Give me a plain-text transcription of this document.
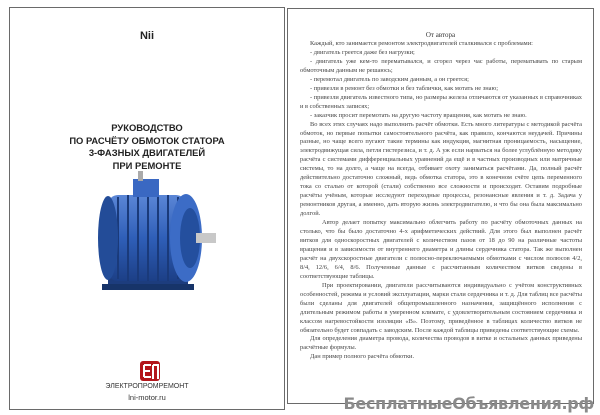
Nii
РУКОВОДСТВО
ПО РАСЧЁТУ ОБМОТОК СТАТОРА
3-ФАЗНЫХ ДВИГАТЕЛЕЙ
ПРИ РЕМОНТЕ
ЭЛЕКТРОПРОМРЕМОНТ
lni-motor.ru
От автора

Каждый, кто занимается ремонтом электродвигателей сталкивался с проблемами:

- двигатель греется даже без нагрузки;

- двигатель уже кем-то перематывался, и сгорел через час работы, перематывать по старым обмоточным данным не решаюсь;

- перемотал двигатель по заводским данным, а он греется;

- привезли в ремонт без обмотки и без таблички, как мотать не знаю;

- привезли двигатель известного типа, но размеры железа отличаются от указанных в справочниках и в собственных записях;

- заказчик просит перемотать на другую частоту вращения, как мотать не знаю.

Во всех этих случаях надо выполнить расчёт обмотки. Есть много литературы с методикой расчёта обмоток, но первые попытки самостоятельного расчёта, как правило, кончаются неудачей. Причины разные, но чаще всего пугают такие термины как индукция, магнитная проницаемость, насыщение, электродвижущая сила, петля гистерезиса, и т. д. А уж если нарваться на более углублённую методику расчёта с системами дифференциальных уравнений да ещё и в частных производных или матричные системы, то на долго, а чаще на всегда, отбивает охоту заниматься расчётами. Да, полный расчёт действительно достаточно сложный, ведь обмотка статора, это в конечном счёте цепь переменного тока со сталью от которой (стали) собственно все сложности и происходят. Оставим подробные расчёты учёным, которые исследуют переходные процессы, резонансные явления и т. д. Задача у ремонтников другая, а именно, дать вторую жизнь электродвигателю, и что бы она была максимально долгой.

Автор делает попытку максимально облегчить работу по расчёту обмоточных данных на столько, что бы было достаточно 4-х арифметических действий. Для этого был выполнен расчёт витков для односкоростных двигателей с количеством пазов от 18 до 90 на различные частоты вращения и в зависимости от внутреннего диаметра и длины сердечника статора. Так же выполнен расчёт на двухскоростные двигатели с полюсно-переключаемыми обмотками с числом полюсов 4/2, 8/4, 12/6, 6/4, 8/6. Полученные данные с рассчитанным количеством витков сведены в соответствующие таблицы.

При проектировании, двигатели рассчитываются индивидуально с учётом конструктивных особенностей, режима и условий эксплуатации, марки стали сердечника и т. д. Для таблиц все расчёты были сделаны для двигателей общепромышленного назначения, защищённого исполнения с длительным режимом работы в умеренном климате, с удовлетворительным состоянием сердечника и классом нагревостойкости изоляции «В». Поэтому, приведённое в таблицах количество витков не обязательно будет совпадать с заводским. После каждой таблицы приведены соответствующие схемы.

Для определения диаметра провода, количества проводов в витке и остальных данных приведены расчётные формулы.

Дан пример полного расчёта обмотки.

БесплатныеОбъявления.рф
